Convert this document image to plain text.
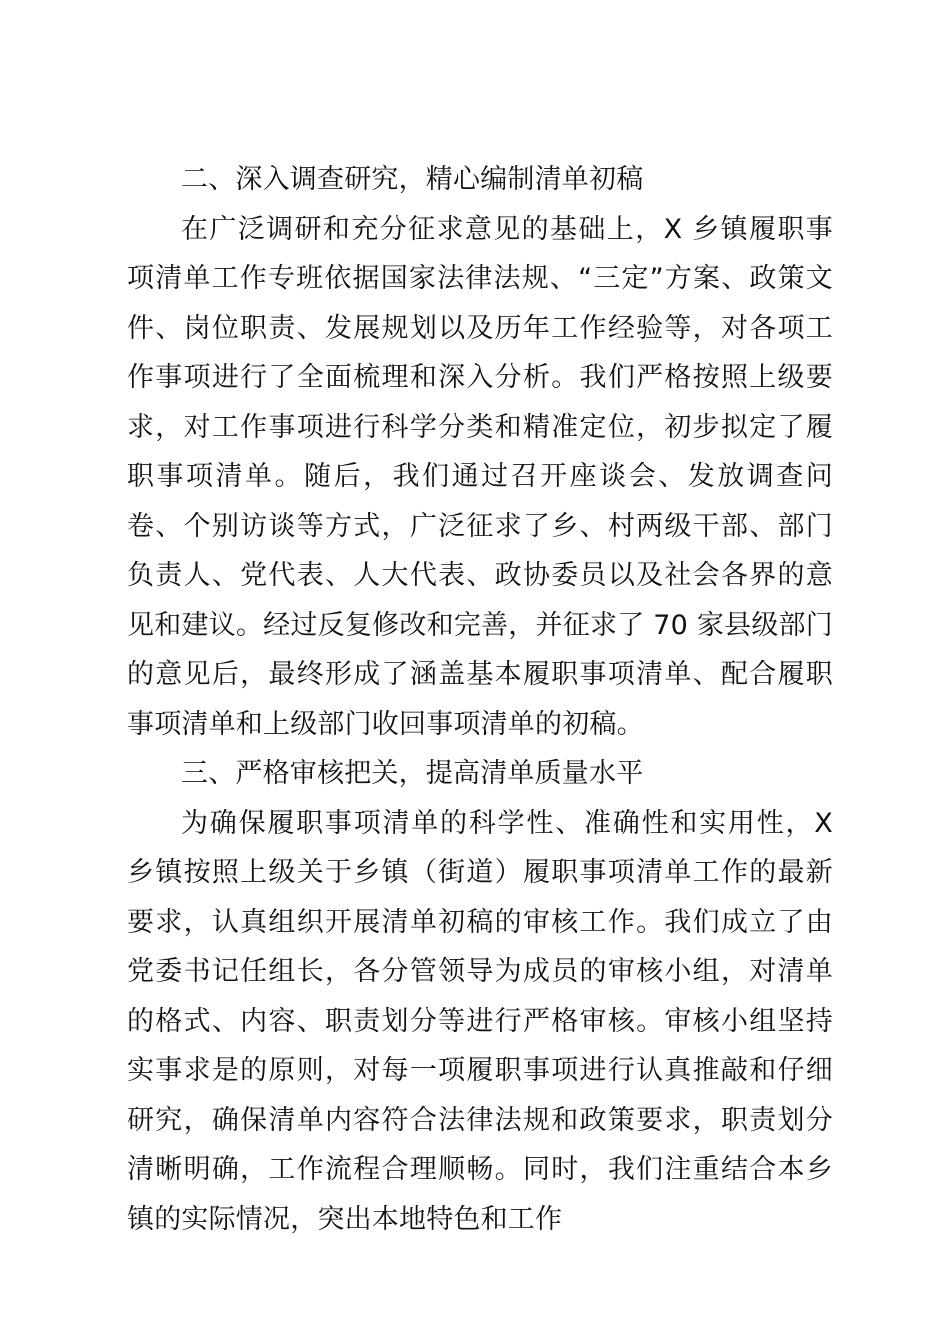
二、深入调查研究，精心编制清单初稿

在广泛调研和充分征求意见的基础上，X 乡镇履职事项清单工作专班依据国家法律法规、“三定”方案、政策文件、岗位职责、发展规划以及历年工作经验等，对各项工作事项进行了全面梳理和深入分析。我们严格按照上级要求，对工作事项进行科学分类和精准定位，初步拟定了履职事项清单。随后，我们通过召开座谈会、发放调查问卷、个别访谈等方式，广泛征求了乡、村两级干部、部门负责人、党代表、人大代表、政协委员以及社会各界的意见和建议。经过反复修改和完善，并征求了 70 家县级部门的意见后，最终形成了涵盖基本履职事项清单、配合履职事项清单和上级部门收回事项清单的初稿。

三、严格审核把关，提高清单质量水平

为确保履职事项清单的科学性、准确性和实用性，X 乡镇按照上级关于乡镇（街道）履职事项清单工作的最新要求，认真组织开展清单初稿的审核工作。我们成立了由党委书记任组长，各分管领导为成员的审核小组，对清单的格式、内容、职责划分等进行严格审核。审核小组坚持实事求是的原则，对每一项履职事项进行认真推敲和仔细研究，确保清单内容符合法律法规和政策要求，职责划分清晰明确，工作流程合理顺畅。同时，我们注重结合本乡镇的实际情况，突出本地特色和工作
